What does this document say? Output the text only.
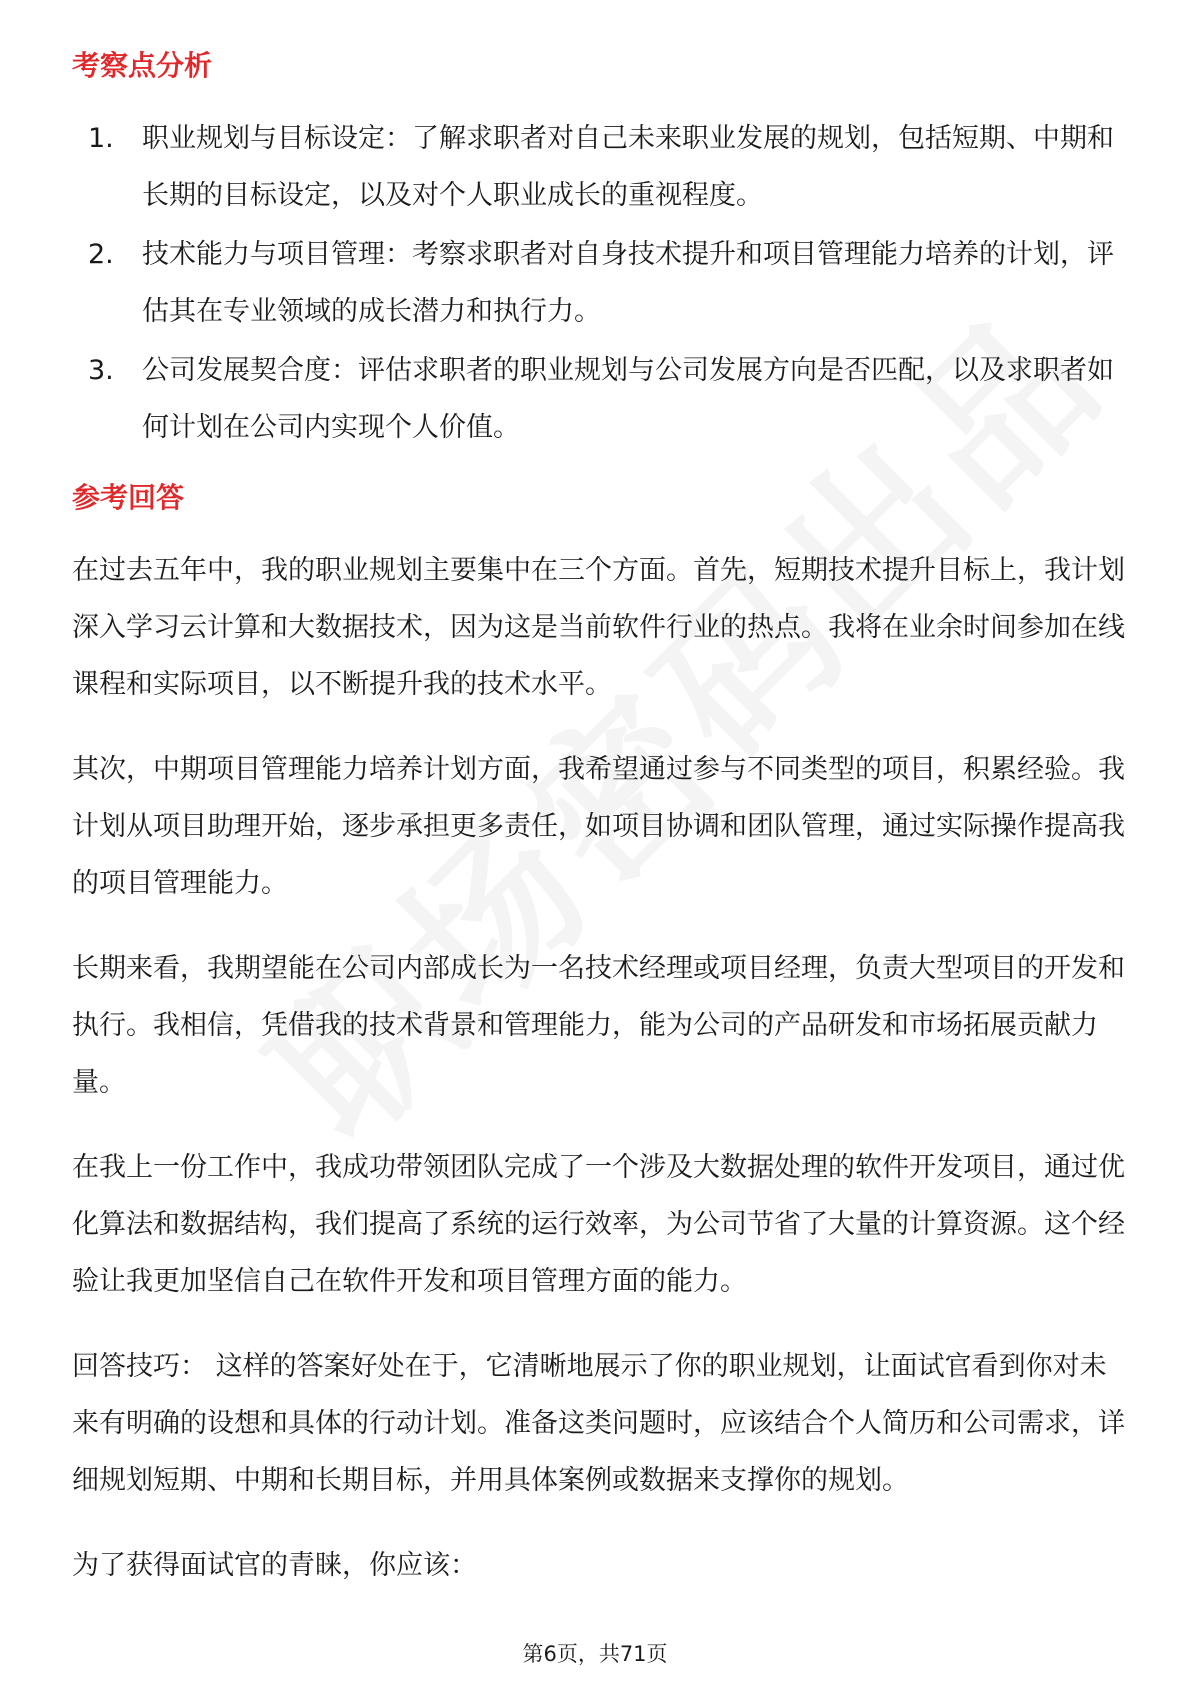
考察点分析
1.	职业规划与目标设定：了解求职者对自己未来职业发展的规划，包括短期、中期和长期的目标设定，以及对个人职业成长的重视程度。
2.	技术能力与项目管理：考察求职者对自身技术提升和项目管理能力培养的计划，评估其在专业领域的成长潜力和执行力。
3.	公司发展契合度：评估求职者的职业规划与公司发展方向是否匹配，以及求职者如何计划在公司内实现个人价值。
参考回答

在过去五年中，我的职业规划主要集中在三个方面。首先，短期技术提升目标上，我计划深入学习云计算和大数据技术，因为这是当前软件行业的热点。我将在业余时间参加在线课程和实际项目，以不断提升我的技术水平。

其次，中期项目管理能力培养计划方面，我希望通过参与不同类型的项目，积累经验。我计划从项目助理开始，逐步承担更多责任，如项目协调和团队管理，通过实际操作提高我的项目管理能力。

长期来看，我期望能在公司内部成长为一名技术经理或项目经理，负责大型项目的开发和执行。我相信，凭借我的技术背景和管理能力，能为公司的产品研发和市场拓展贡献力量。

在我上一份工作中，我成功带领团队完成了一个涉及大数据处理的软件开发项目，通过优化算法和数据结构，我们提高了系统的运行效率，为公司节省了大量的计算资源。这个经验让我更加坚信自己在软件开发和项目管理方面的能力。

回答技巧： 这样的答案好处在于，它清晰地展示了你的职业规划，让面试官看到你对未来有明确的设想和具体的行动计划。准备这类问题时，应该结合个人简历和公司需求，详细规划短期、中期和长期目标，并用具体案例或数据来支撑你的规划。

为了获得面试官的青睐，你应该：

第6页，共71页
